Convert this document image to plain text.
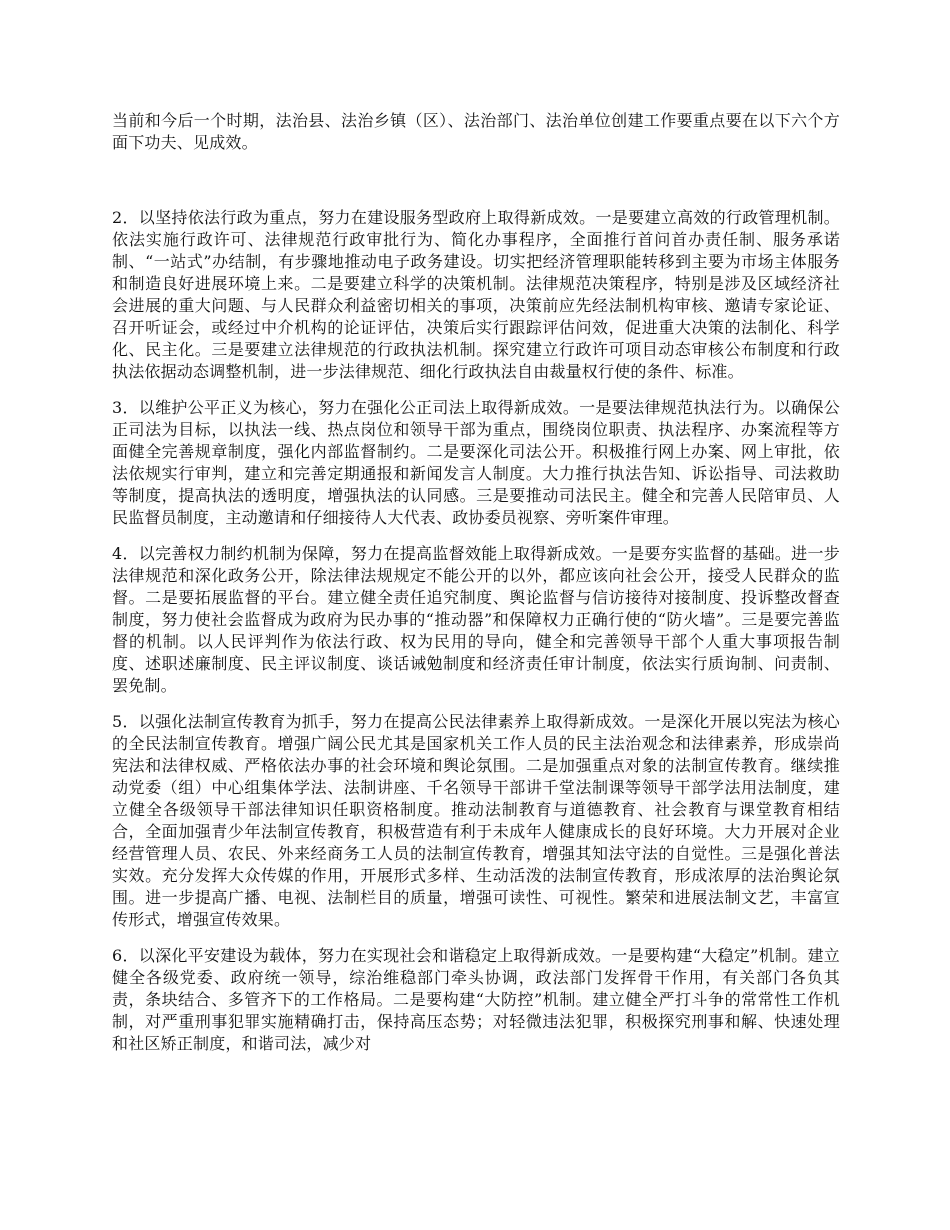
当前和今后一个时期，法治县、法治乡镇（区）、法治部门、法治单位创建工作要重点要在以下六个方面下功夫、见成效。

2．以坚持依法行政为重点，努力在建设服务型政府上取得新成效。一是要建立高效的行政管理机制。依法实施行政许可、法律规范行政审批行为、简化办事程序，全面推行首问首办责任制、服务承诺制、“一站式”办结制，有步骤地推动电子政务建设。切实把经济管理职能转移到主要为市场主体服务和制造良好进展环境上来。二是要建立科学的决策机制。法律规范决策程序，特别是涉及区域经济社会进展的重大问题、与人民群众利益密切相关的事项，决策前应先经法制机构审核、邀请专家论证、召开听证会，或经过中介机构的论证评估，决策后实行跟踪评估问效，促进重大决策的法制化、科学化、民主化。三是要建立法律规范的行政执法机制。探究建立行政许可项目动态审核公布制度和行政执法依据动态调整机制，进一步法律规范、细化行政执法自由裁量权行使的条件、标准。

3．以维护公平正义为核心，努力在强化公正司法上取得新成效。一是要法律规范执法行为。以确保公正司法为目标，以执法一线、热点岗位和领导干部为重点，围绕岗位职责、执法程序、办案流程等方面健全完善规章制度，强化内部监督制约。二是要深化司法公开。积极推行网上办案、网上审批，依法依规实行审判，建立和完善定期通报和新闻发言人制度。大力推行执法告知、诉讼指导、司法救助等制度，提高执法的透明度，增强执法的认同感。三是要推动司法民主。健全和完善人民陪审员、人民监督员制度，主动邀请和仔细接待人大代表、政协委员视察、旁听案件审理。

4．以完善权力制约机制为保障，努力在提高监督效能上取得新成效。一是要夯实监督的基础。进一步法律规范和深化政务公开，除法律法规规定不能公开的以外，都应该向社会公开，接受人民群众的监督。二是要拓展监督的平台。建立健全责任追究制度、舆论监督与信访接待对接制度、投诉整改督查制度，努力使社会监督成为政府为民办事的“推动器”和保障权力正确行使的“防火墙”。三是要完善监督的机制。以人民评判作为依法行政、权为民用的导向，健全和完善领导干部个人重大事项报告制度、述职述廉制度、民主评议制度、谈话诫勉制度和经济责任审计制度，依法实行质询制、问责制、罢免制。

5．以强化法制宣传教育为抓手，努力在提高公民法律素养上取得新成效。一是深化开展以宪法为核心的全民法制宣传教育。增强广阔公民尤其是国家机关工作人员的民主法治观念和法律素养，形成崇尚宪法和法律权威、严格依法办事的社会环境和舆论氛围。二是加强重点对象的法制宣传教育。继续推动党委（组）中心组集体学法、法制讲座、千名领导干部讲千堂法制课等领导干部学法用法制度，建立健全各级领导干部法律知识任职资格制度。推动法制教育与道德教育、社会教育与课堂教育相结合，全面加强青少年法制宣传教育，积极营造有利于未成年人健康成长的良好环境。大力开展对企业经营管理人员、农民、外来经商务工人员的法制宣传教育，增强其知法守法的自觉性。三是强化普法实效。充分发挥大众传媒的作用，开展形式多样、生动活泼的法制宣传教育，形成浓厚的法治舆论氛围。进一步提高广播、电视、法制栏目的质量，增强可读性、可视性。繁荣和进展法制文艺，丰富宣传形式，增强宣传效果。

6．以深化平安建设为载体，努力在实现社会和谐稳定上取得新成效。一是要构建“大稳定”机制。建立健全各级党委、政府统一领导，综治维稳部门牵头协调，政法部门发挥骨干作用，有关部门各负其责，条块结合、多管齐下的工作格局。二是要构建“大防控”机制。建立健全严打斗争的常常性工作机制，对严重刑事犯罪实施精确打击，保持高压态势；对轻微违法犯罪，积极探究刑事和解、快速处理和社区矫正制度，和谐司法，减少对
